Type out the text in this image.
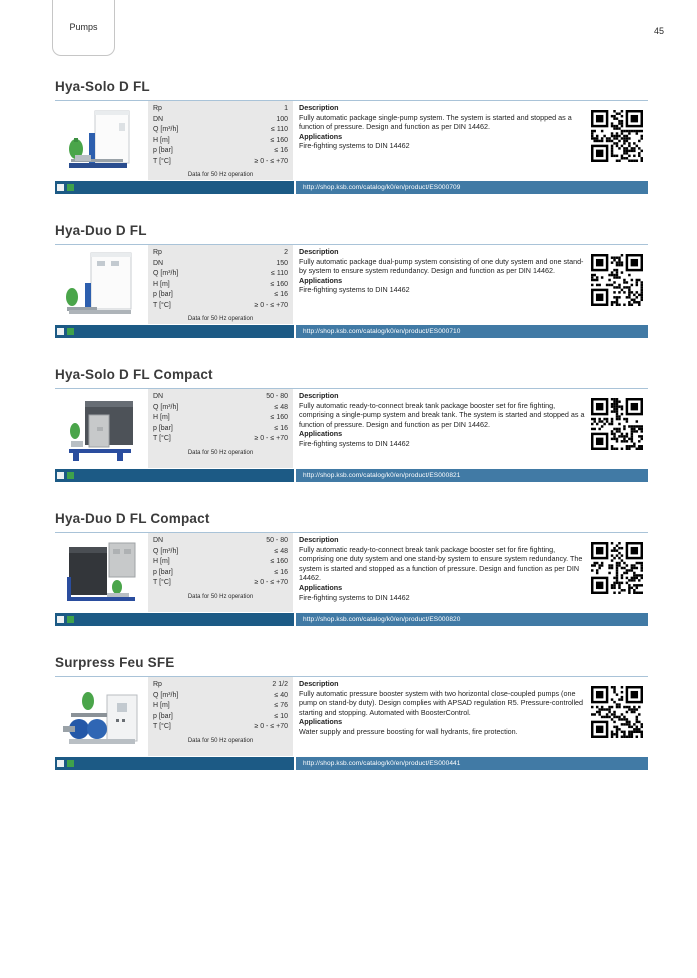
Pumps	45
Hya-Solo D FL
Rp	1
DN	100
Q [m³/h]	≤ 110
H [m]	≤ 160
p [bar]	≤ 16
T [°C]	≥ 0 - ≤ +70
Data for 50 Hz operation
Description
Fully automatic package single-pump system. The system is started and stopped as a function of pressure. Design and function as per DIN 14462.
Applications
Fire-fighting systems to DIN 14462
http://shop.ksb.com/catalog/k0/en/product/ES000709
Hya-Duo D FL
Rp	2
DN	150
Q [m³/h]	≤ 110
H [m]	≤ 160
p [bar]	≤ 16
T [°C]	≥ 0 - ≤ +70
Data for 50 Hz operation
Description
Fully automatic package dual-pump system consisting of one duty system and one stand-by system to ensure system redundancy. Design and function as per DIN 14462.
Applications
Fire-fighting systems to DIN 14462
http://shop.ksb.com/catalog/k0/en/product/ES000710
Hya-Solo D FL Compact
DN	50 - 80
Q [m³/h]	≤ 48
H [m]	≤ 160
p [bar]	≤ 16
T [°C]	≥ 0 - ≤ +70
Data for 50 Hz operation
Description
Fully automatic ready-to-connect break tank package booster set for fire fighting, comprising a single-pump system and break tank. The system is started and stopped as a function of pressure. Design and function as per DIN 14462.
Applications
Fire-fighting systems to DIN 14462
http://shop.ksb.com/catalog/k0/en/product/ES000821
Hya-Duo D FL Compact
DN	50 - 80
Q [m³/h]	≤ 48
H [m]	≤ 160
p [bar]	≤ 16
T [°C]	≥ 0 - ≤ +70
Data for 50 Hz operation
Description
Fully automatic ready-to-connect break tank package booster set for fire fighting, comprising one duty system and one stand-by system to ensure system redundancy. The system is started and stopped as a function of pressure. Design and function as per DIN 14462.
Applications
Fire-fighting systems to DIN 14462
http://shop.ksb.com/catalog/k0/en/product/ES000820
Surpress Feu SFE
Rp	2 1/2
Q [m³/h]	≤ 40
H [m]	≤ 76
p [bar]	≤ 10
T [°C]	≥ 0 - ≤ +70
Data for 50 Hz operation
Description
Fully automatic pressure booster system with two horizontal close-coupled pumps (one pump on stand-by duty). Design complies with APSAD regulation R5. Pressure-controlled starting and stopping. Automated with BoosterControl.
Applications
Water supply and pressure boosting for wall hydrants, fire protection.
http://shop.ksb.com/catalog/k0/en/product/ES000441
